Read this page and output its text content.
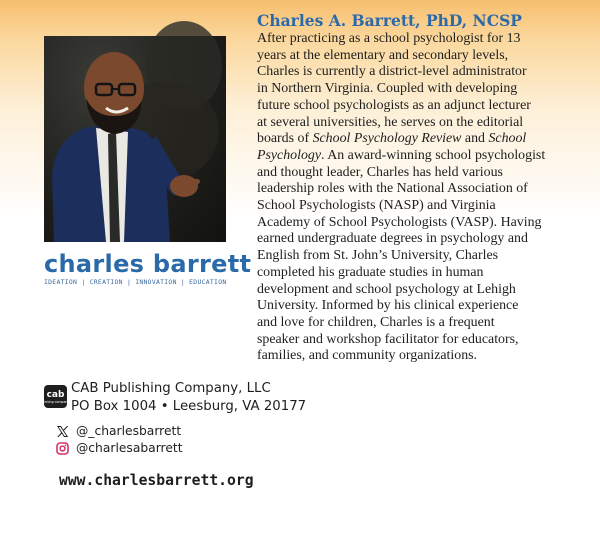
charles barrett
IDEATION | CREATION | INNOVATION | EDUCATION
Charles A. Barrett, PhD, NCSP
After practicing as a school psychologist for 13
years at the elementary and secondary levels,
Charles is currently a district-level administrator
in Northern Virginia. Coupled with developing
future school psychologists as an adjunct lecturer
at several universities, he serves on the editorial
boards of School Psychology Review and School
Psychology. An award-winning school psychologist
and thought leader, Charles has held various
leadership roles with the National Association of
School Psychologists (NASP) and Virginia
Academy of School Psychologists (VASP). Having
earned undergraduate degrees in psychology and
English from St. John’s University, Charles
completed his graduate studies in human
development and school psychology at Lehigh
University. Informed by his clinical experience
and love for children, Charles is a frequent
speaker and workshop facilitator for educators,
families, and community organizations.
cab
publishing company llc
CAB Publishing Company, LLC
PO Box 1004 • Leesburg, VA 20177
@_charlesbarrett
@charlesabarrett
www.charlesbarrett.org
